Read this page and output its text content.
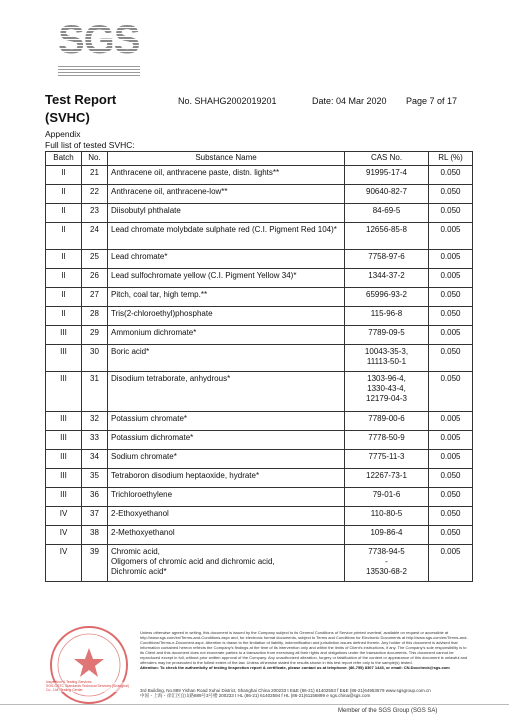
SGS
Test Report
(SVHC)
No. SHAHG2002019201	Date: 04 Mar 2020 Page 7 of 17
Appendix
Full list of tested SVHC:
Batch	No.	Substance Name	CAS No.	RL (%)
II	21	Anthracene oil, anthracene paste, distn. lights**	91995-17-4	0.050
II	22	Anthracene oil, anthracene-low**	90640-82-7	0.050
II	23	Diisobutyl phthalate	84-69-5	0.050
II	24	Lead chromate molybdate sulphate red (C.I. Pigment Red 104)*	12656-85-8	0.005
II	25	Lead chromate*	7758-97-6	0.005
II	26	Lead sulfochromate yellow (C.I. Pigment Yellow 34)*	1344-37-2	0.005
II	27	Pitch, coal tar, high temp.**	65996-93-2	0.050
II	28	Tris(2-chloroethyl)phosphate	115-96-8	0.050
III	29	Ammonium dichromate*	7789-09-5	0.005
III	30	Boric acid*	10043-35-3,
11113-50-1	0.050
III	31	Disodium tetraborate, anhydrous*	1303-96-4,
1330-43-4,
12179-04-3	0.050
III	32	Potassium chromate*	7789-00-6	0.005
III	33	Potassium dichromate*	7778-50-9	0.005
III	34	Sodium chromate*	7775-11-3	0.005
III	35	Tetraboron disodium heptaoxide, hydrate*	12267-73-1	0.050
III	36	Trichloroethylene	79-01-6	0.050
IV	37	2-Ethoxyethanol	110-80-5	0.050
IV	38	2-Methoxyethanol	109-86-4	0.050
IV	39	Chromic acid,
Oligomers of chromic acid and dichromic acid,
Dichromic acid*	7738-94-5
-
13530-68-2	0.005
Unless otherwise agreed in writing, this document is issued by the Company subject to its General Conditions of Service printed overleaf, available on request or accessible at http://www.sgs.com/en/Terms-and-Conditions.aspx and, for electronic format documents, subject to Terms and Conditions for Electronic Documents at http://www.sgs.com/en/Terms-and-Conditions/Terms-e-Document.aspx. Attention is drawn to the limitation of liability, indemnification and jurisdiction issues defined therein. Any holder of this document is advised that information contained hereon reflects the Company's findings at the time of its intervention only and within the limits of Client's instructions, if any. The Company's sole responsibility is to its Client and this document does not exonerate parties to a transaction from exercising all their rights and obligations under the transaction documents. This document cannot be reproduced except in full, without prior written approval of the Company. Any unauthorized alteration, forgery or falsification of the content or appearance of this document is unlawful and offenders may be prosecuted to the fullest extent of the law. Unless otherwise stated the results shown in this test report refer only to the sample(s) tested.
Attention: To check the authenticity of testing /inspection report & certificate, please contact us at telephone: (86-755) 8307 1443, or email: CN.Doccheck@sgs.com
3rd Building, No.889 Yishan Road Xuhui District, Shanghai China 200233 t E&E (86-21) 61402553 f E&E (86-21)64953679 www.sgsgroup.com.cn
中国・上海・徐汇区宜山路889号3号楼 200233 t HL (86-21) 61402594 f HL (86-21)61156899 e sgs.china@sgs.com
Inspection & Testing Services
SGS-CSTC Standards Technical Services (Shanghai) Co., Ltd. Testing Center
Member of the SGS Group (SGS SA)
